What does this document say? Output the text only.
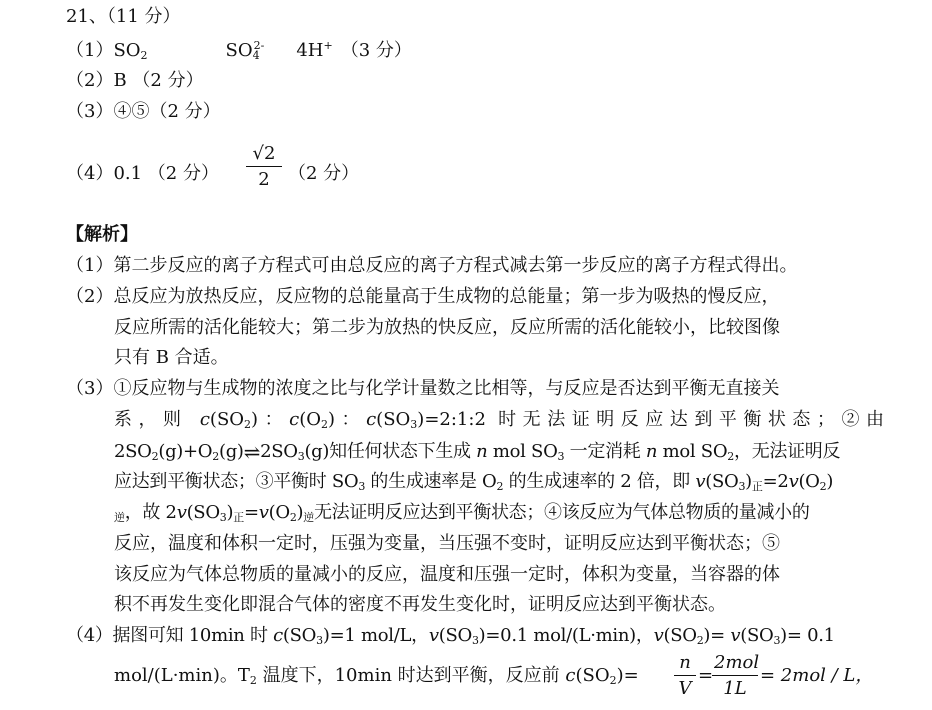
21、（11 分）
$(1)SO_2$	$SO_4^{2-}$ 4H+ （3 分）
（2）B （2 分）
（3）④⑤（2 分）
（4）0.1 （2 分） $\frac{√2}{2} (2$ 分）
【解析】
（1）第二步反应的离子方程式可由总反应的离子方程式减去第一步反应的离子方程式得出。
（2）总反应为放热反应，反应物的总能量高于生成物的总能量；第一步为吸热的慢反应，
反应所需的活化能较大；第二步为放热的快反应，反应所需的活化能较小，比较图像
只有 B 合适。
（3）①反应物与生成物的浓度之比与化学计量数之比相等，与反应是否达到平衡无直接关
系，则 $c(SO_2)$：$c(O_2)$：$c(SO_3)=2:1:2$ 时无法证明反应达到平衡状态；②由
$2SO_2(g)+O_2(g)\rightleftharpoons 2SO_3(g)$知任何状态下生成 n mol $SO_3$ 一定消耗 n mol $SO_2$，无法证明反
应达到平衡状态；③平衡时 $SO_3$ 的生成速率是 $O_2$ 的生成速率的 2 倍，即 $v(SO_3)_正=2v(O_2)$
$_逆$，故 $2v(SO_3)_正=v(O_2)_逆$无法证明反应达到平衡状态；④该反应为气体总物质的量减小的
反应，温度和体积一定时，压强为变量，当压强不变时，证明反应达到平衡状态；⑤
该反应为气体总物质的量减小的反应，温度和压强一定时，体积为变量，当容器的体
积不再发生变化即混合气体的密度不再发生变化时，证明反应达到平衡状态。
（4）据图可知 10min 时 $c(SO_3)=1$ mol/L，$v(SO_3)=0.1$ mol/(L·min)，$v(SO_2)= v(SO_3)= 0.1$
mol/(L·min)。$T_2$ 温度下，10min 时达到平衡，反应前 $c(SO_2)= \frac{n}{V}$ =
2mol
1L
= 2mol / L，
